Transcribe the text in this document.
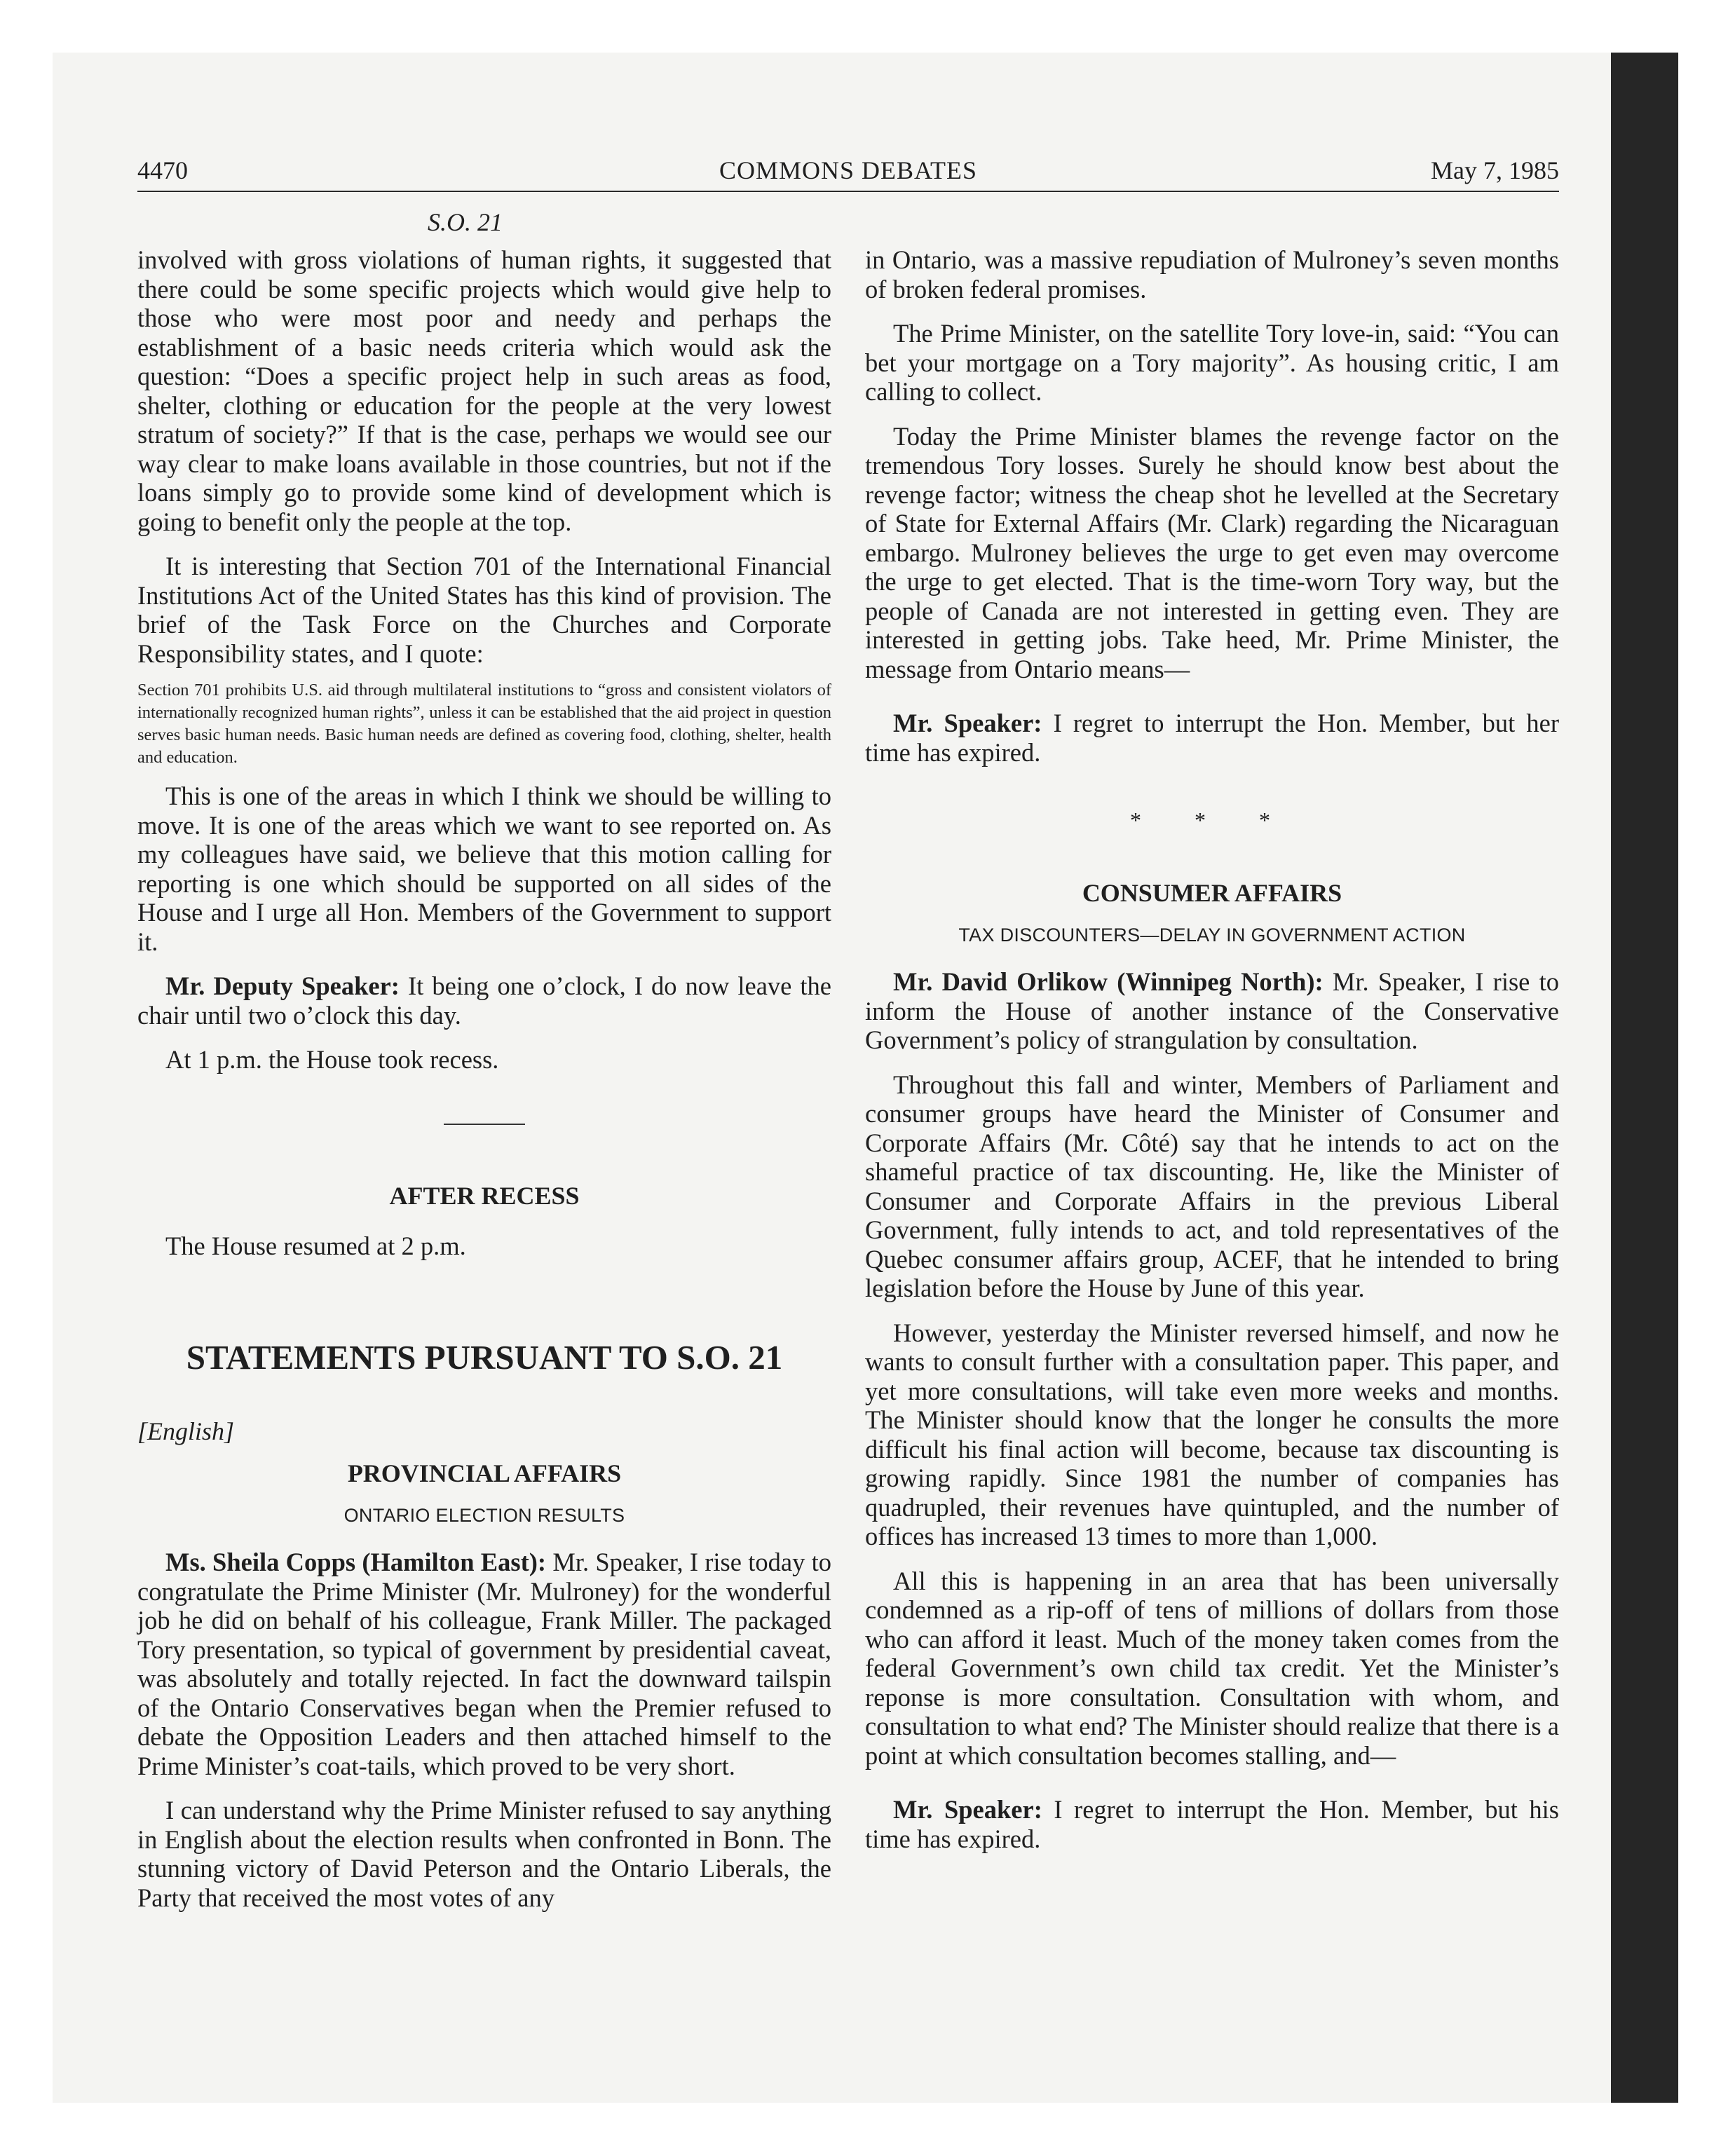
4470	COMMONS DEBATES	May 7, 1985
S.O. 21

involved with gross violations of human rights, it suggested that there could be some specific projects which would give help to those who were most poor and needy and perhaps the establishment of a basic needs criteria which would ask the question: “Does a specific project help in such areas as food, shelter, clothing or education for the people at the very lowest stratum of society?” If that is the case, perhaps we would see our way clear to make loans available in those countries, but not if the loans simply go to provide some kind of development which is going to benefit only the people at the top.

It is interesting that Section 701 of the International Financial Institutions Act of the United States has this kind of provision. The brief of the Task Force on the Churches and Corporate Responsibility states, and I quote:

Section 701 prohibits U.S. aid through multilateral institutions to “gross and consistent violators of internationally recognized human rights”, unless it can be established that the aid project in question serves basic human needs. Basic human needs are defined as covering food, clothing, shelter, health and education.

This is one of the areas in which I think we should be willing to move. It is one of the areas which we want to see reported on. As my colleagues have said, we believe that this motion calling for reporting is one which should be supported on all sides of the House and I urge all Hon. Members of the Government to support it.

Mr. Deputy Speaker: It being one o’clock, I do now leave the chair until two o’clock this day.

At 1 p.m. the House took recess.

AFTER RECESS

The House resumed at 2 p.m.

STATEMENTS PURSUANT TO S.O. 21
[English]
PROVINCIAL AFFAIRS
ONTARIO ELECTION RESULTS

Ms. Sheila Copps (Hamilton East): Mr. Speaker, I rise today to congratulate the Prime Minister (Mr. Mulroney) for the wonderful job he did on behalf of his colleague, Frank Miller. The packaged Tory presentation, so typical of government by presidential caveat, was absolutely and totally rejected. In fact the downward tailspin of the Ontario Conservatives began when the Premier refused to debate the Opposition Leaders and then attached himself to the Prime Minister’s coat-tails, which proved to be very short.

I can understand why the Prime Minister refused to say anything in English about the election results when confronted in Bonn. The stunning victory of David Peterson and the Ontario Liberals, the Party that received the most votes of any

in Ontario, was a massive repudiation of Mulroney’s seven months of broken federal promises.

The Prime Minister, on the satellite Tory love-in, said: “You can bet your mortgage on a Tory majority”. As housing critic, I am calling to collect.

Today the Prime Minister blames the revenge factor on the tremendous Tory losses. Surely he should know best about the revenge factor; witness the cheap shot he levelled at the Secretary of State for External Affairs (Mr. Clark) regarding the Nicaraguan embargo. Mulroney believes the urge to get even may overcome the urge to get elected. That is the time-worn Tory way, but the people of Canada are not interested in getting even. They are interested in getting jobs. Take heed, Mr. Prime Minister, the message from Ontario means—

Mr. Speaker: I regret to interrupt the Hon. Member, but her time has expired.

* * *
CONSUMER AFFAIRS
TAX DISCOUNTERS—DELAY IN GOVERNMENT ACTION

Mr. David Orlikow (Winnipeg North): Mr. Speaker, I rise to inform the House of another instance of the Conservative Government’s policy of strangulation by consultation.

Throughout this fall and winter, Members of Parliament and consumer groups have heard the Minister of Consumer and Corporate Affairs (Mr. Côté) say that he intends to act on the shameful practice of tax discounting. He, like the Minister of Consumer and Corporate Affairs in the previous Liberal Government, fully intends to act, and told representatives of the Quebec consumer affairs group, ACEF, that he intended to bring legislation before the House by June of this year.

However, yesterday the Minister reversed himself, and now he wants to consult further with a consultation paper. This paper, and yet more consultations, will take even more weeks and months. The Minister should know that the longer he consults the more difficult his final action will become, because tax discounting is growing rapidly. Since 1981 the number of companies has quadrupled, their revenues have quintupled, and the number of offices has increased 13 times to more than 1,000.

All this is happening in an area that has been universally condemned as a rip-off of tens of millions of dollars from those who can afford it least. Much of the money taken comes from the federal Government’s own child tax credit. Yet the Minister’s reponse is more consultation. Consultation with whom, and consultation to what end? The Minister should realize that there is a point at which consultation becomes stalling, and—

Mr. Speaker: I regret to interrupt the Hon. Member, but his time has expired.
